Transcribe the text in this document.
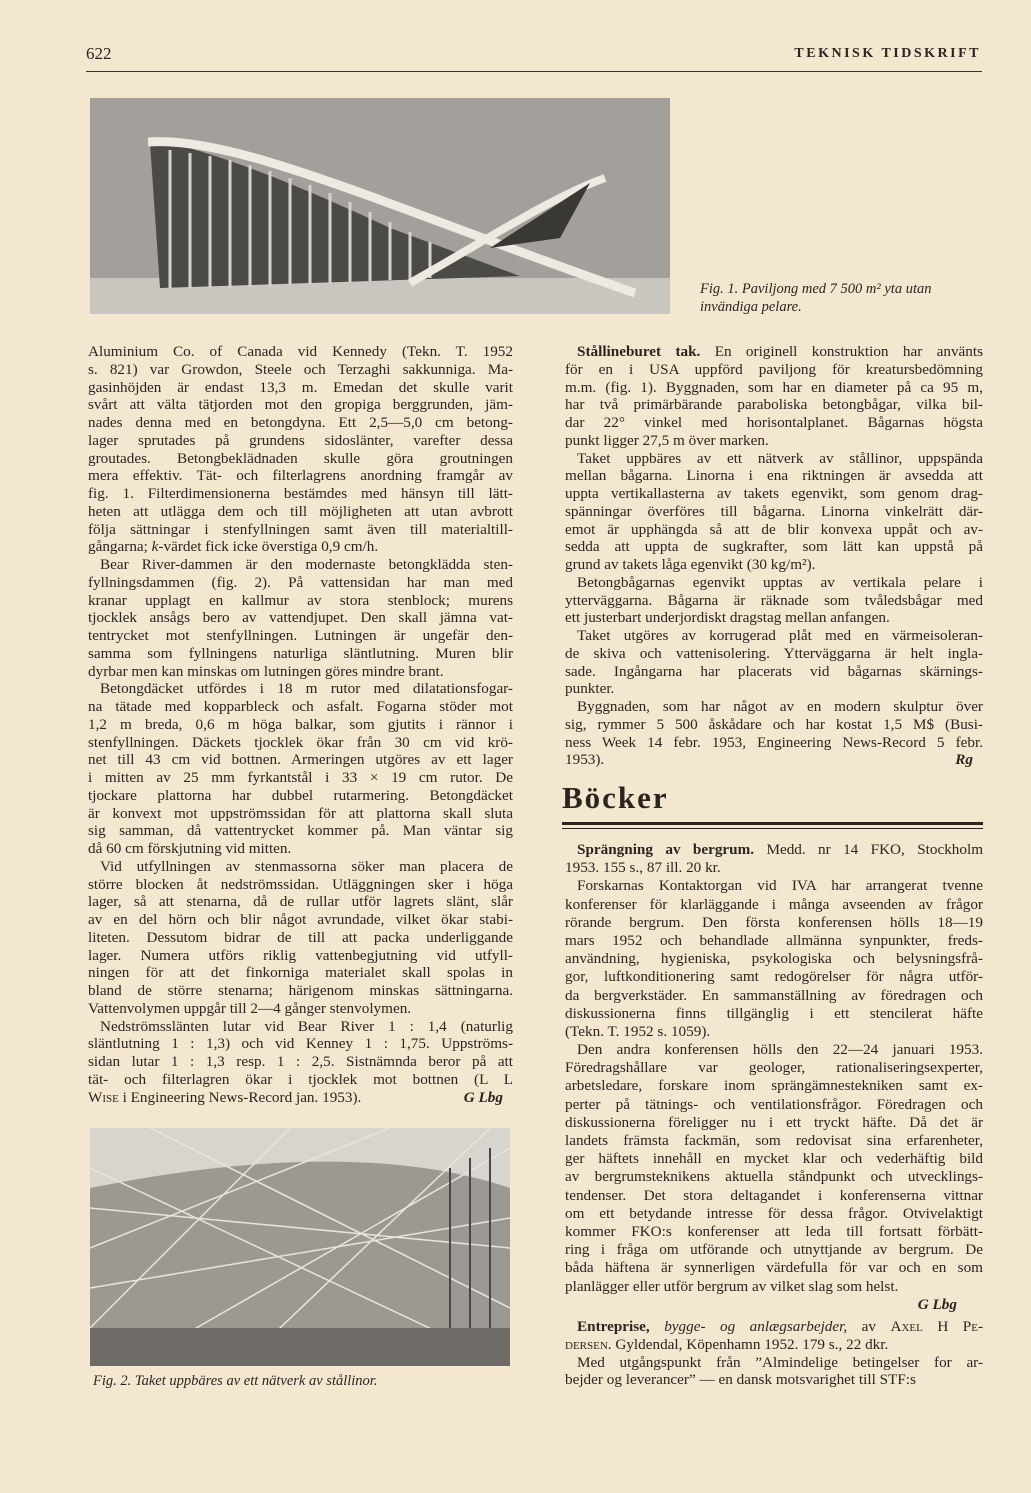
622	TEKNISK TIDSKRIFT
Fig. 1. Paviljong med 7 500 m² yta utan
invändiga pelare.
Aluminium Co. of Canada vid Kennedy (Tekn. T. 1952
s. 821) var Growdon, Steele och Terzaghi sakkunniga. Ma-
gasinhöjden är endast 13,3 m. Emedan det skulle varit
svårt att välta tätjorden mot den gropiga berggrunden, jäm-
nades denna med en betongdyna. Ett 2,5—5,0 cm betong-
lager sprutades på grundens sidoslänter, varefter dessa
groutades. Betongbeklädnaden skulle göra groutningen
mera effektiv. Tät- och filterlagrens anordning framgår av
fig. 1. Filterdimensionerna bestämdes med hänsyn till lätt-
heten att utlägga dem och till möjligheten att utan avbrott
följa sättningar i stenfyllningen samt även till materialtill-
gångarna; k-värdet fick icke överstiga 0,9 cm/h.
Bear River-dammen är den modernaste betongklädda sten-
fyllningsdammen (fig. 2). På vattensidan har man med
kranar upplagt en kallmur av stora stenblock; murens
tjocklek ansågs bero av vattendjupet. Den skall jämna vat-
tentrycket mot stenfyllningen. Lutningen är ungefär den-
samma som fyllningens naturliga släntlutning. Muren blir
dyrbar men kan minskas om lutningen göres mindre brant.
Betongdäcket utfördes i 18 m rutor med dilatationsfogar-
na tätade med kopparbleck och asfalt. Fogarna stöder mot
1,2 m breda, 0,6 m höga balkar, som gjutits i rännor i
stenfyllningen. Däckets tjocklek ökar från 30 cm vid krö-
net till 43 cm vid bottnen. Armeringen utgöres av ett lager
i mitten av 25 mm fyrkantstål i 33 × 19 cm rutor. De
tjockare plattorna har dubbel rutarmering. Betongdäcket
är konvext mot uppströmssidan för att plattorna skall sluta
sig samman, då vattentrycket kommer på. Man väntar sig
då 60 cm förskjutning vid mitten.
Vid utfyllningen av stenmassorna söker man placera de
större blocken åt nedströmssidan. Utläggningen sker i höga
lager, så att stenarna, då de rullar utför lagrets slänt, slår
av en del hörn och blir något avrundade, vilket ökar stabi-
liteten. Dessutom bidrar de till att packa underliggande
lager. Numera utförs riklig vattenbegjutning vid utfyll-
ningen för att det finkorniga materialet skall spolas in
bland de större stenarna; härigenom minskas sättningarna.
Vattenvolymen uppgår till 2—4 gånger stenvolymen.
Nedströmsslänten lutar vid Bear River 1 : 1,4 (naturlig
släntlutning 1 : 1,3) och vid Kenney 1 : 1,75. Uppströms-
sidan lutar 1 : 1,3 resp. 1 : 2,5. Sistnämnda beror på att
tät- och filterlagren ökar i tjocklek mot bottnen (L L
Wise i Engineering News-Record jan. 1953).	G Lbg
Stållineburet tak. En originell konstruktion har använts
för en i USA uppförd paviljong för kreatursbedömning
m.m. (fig. 1). Byggnaden, som har en diameter på ca 95 m,
har två primärbärande paraboliska betongbågar, vilka bil-
dar 22° vinkel med horisontalplanet. Bågarnas högsta
punkt ligger 27,5 m över marken.
Taket uppbäres av ett nätverk av stållinor, uppspända
mellan bågarna. Linorna i ena riktningen är avsedda att
uppta vertikallasterna av takets egenvikt, som genom drag-
spänningar överföres till bågarna. Linorna vinkelrätt där-
emot är upphängda så att de blir konvexa uppåt och av-
sedda att uppta de sugkrafter, som lätt kan uppstå på
grund av takets låga egenvikt (30 kg/m²).
Betongbågarnas egenvikt upptas av vertikala pelare i
ytterväggarna. Bågarna är räknade som tvåledsbågar med
ett justerbart underjordiskt dragstag mellan anfangen.
Taket utgöres av korrugerad plåt med en värmeisoleran-
de skiva och vattenisolering. Ytterväggarna är helt ingla-
sade. Ingångarna har placerats vid bågarnas skärnings-
punkter.
Byggnaden, som har något av en modern skulptur över
sig, rymmer 5 500 åskådare och har kostat 1,5 M$ (Busi-
ness Week 14 febr. 1953, Engineering News-Record 5 febr.
1953).	Rg
Böcker
Sprängning av bergrum. Medd. nr 14 FKO, Stockholm
1953. 155 s., 87 ill. 20 kr.
Forskarnas Kontaktorgan vid IVA har arrangerat tvenne
konferenser för klarläggande i många avseenden av frågor
rörande bergrum. Den första konferensen hölls 18—19
mars 1952 och behandlade allmänna synpunkter, freds-
användning, hygieniska, psykologiska och belysningsfrå-
gor, luftkonditionering samt redogörelser för några utför-
da bergverkstäder. En sammanställning av föredragen och
diskussionerna finns tillgänglig i ett stencilerat häfte
(Tekn. T. 1952 s. 1059).
Den andra konferensen hölls den 22—24 januari 1953.
Föredragshållare var geologer, rationaliseringsexperter,
arbetsledare, forskare inom sprängämnestekniken samt ex-
perter på tätnings- och ventilationsfrågor. Föredragen och
diskussionerna föreligger nu i ett tryckt häfte. Då det är
landets främsta fackmän, som redovisat sina erfarenheter,
ger häftets innehåll en mycket klar och vederhäftig bild
av bergrumsteknikens aktuella ståndpunkt och utvecklings-
tendenser. Det stora deltagandet i konferenserna vittnar
om ett betydande intresse för dessa frågor. Otvivelaktigt
kommer FKO:s konferenser att leda till fortsatt förbätt-
ring i fråga om utförande och utnyttjande av bergrum. De
båda häftena är synnerligen värdefulla för var och en som
planlägger eller utför bergrum av vilket slag som helst.
G Lbg
Entreprise, bygge- og anlægsarbejder, av Axel H Pe-
dersen. Gyldendal, Köpenhamn 1952. 179 s., 22 dkr.
Med utgångspunkt från ”Almindelige betingelser for ar-
bejder og leverancer” — en dansk motsvarighet till STF:s
Fig. 2. Taket uppbäres av ett nätverk av stållinor.
